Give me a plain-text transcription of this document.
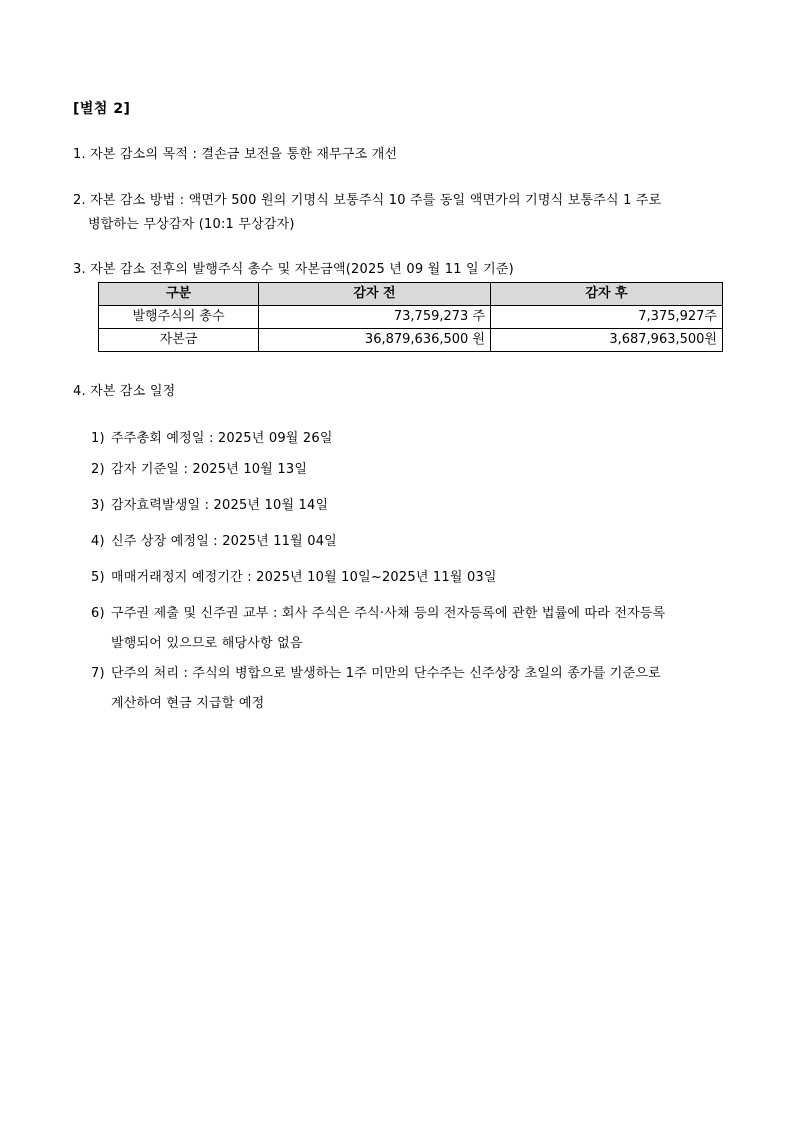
[별첨 2]
1. 자본 감소의 목적 : 결손금 보전을 통한 재무구조 개선
2. 자본 감소 방법 : 액면가 500 원의 기명식 보통주식 10 주를 동일 액면가의 기명식 보통주식 1 주로
병합하는 무상감자 (10:1 무상감자)
3. 자본 감소 전후의 발행주식 총수 및 자본금액(2025 년 09 월 11 일 기준)
구분	감자 전	감자 후
발행주식의 총수	73,759,273 주	7,375,927주
자본금	36,879,636,500 원	3,687,963,500원
4. 자본 감소 일정
1) 주주총회 예정일 : 2025년 09월 26일
2) 감자 기준일 : 2025년 10월 13일
3) 감자효력발생일 : 2025년 10월 14일
4) 신주 상장 예정일 : 2025년 11월 04일
5) 매매거래정지 예정기간 : 2025년 10월 10일~2025년 11월 03일
6) 구주권 제출 및 신주권 교부 : 회사 주식은 주식·사채 등의 전자등록에 관한 법률에 따라 전자등록
발행되어 있으므로 해당사항 없음
7) 단주의 처리 : 주식의 병합으로 발생하는 1주 미만의 단수주는 신주상장 초일의 종가를 기준으로
계산하여 현금 지급할 예정
